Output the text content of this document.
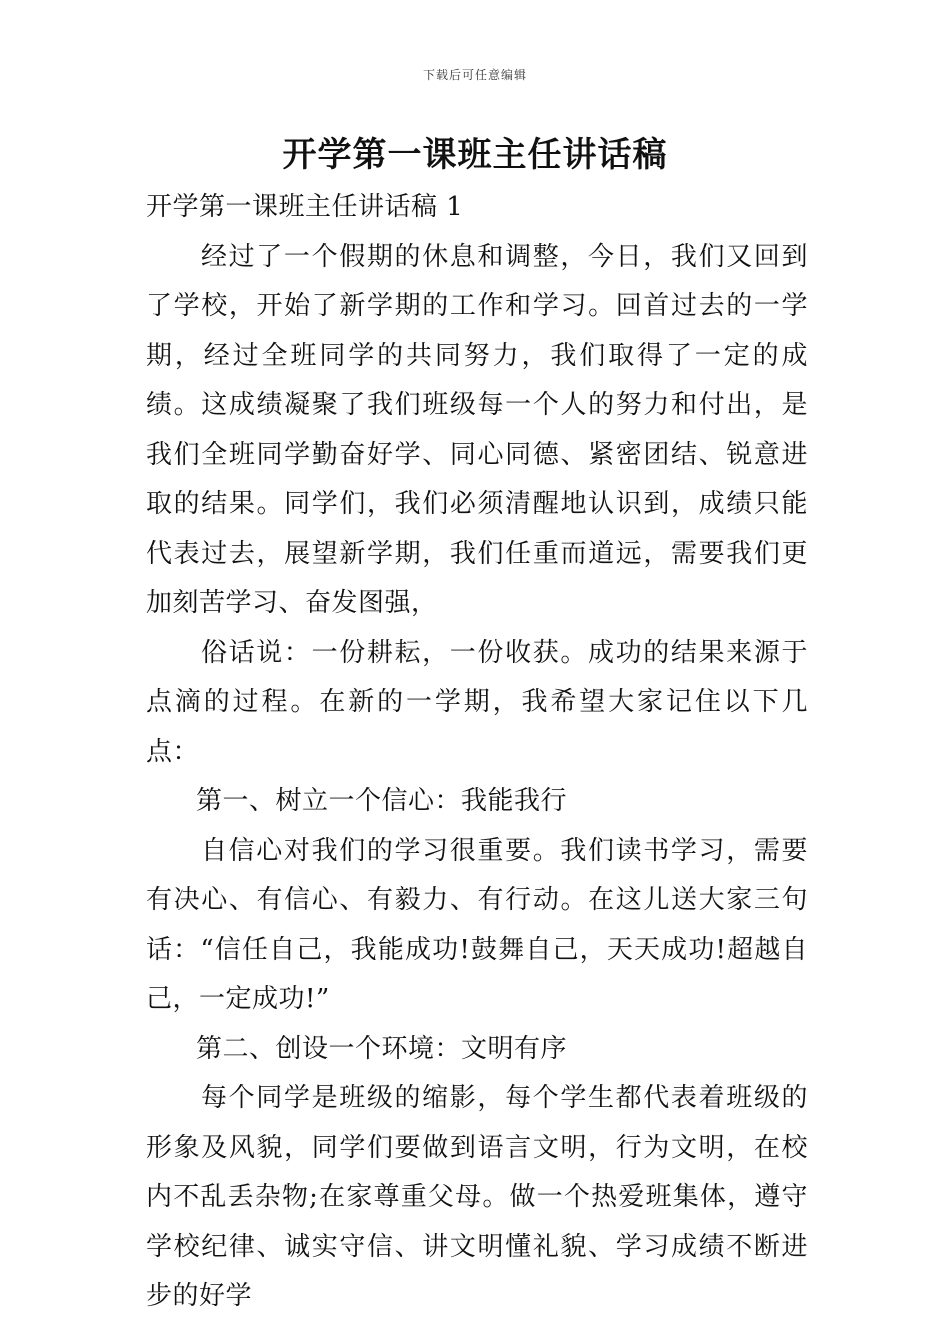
下载后可任意编辑
开学第一课班主任讲话稿

开学第一课班主任讲话稿 1

经过了一个假期的休息和调整，今日，我们又回到了学校，开始了新学期的工作和学习。回首过去的一学期，经过全班同学的共同努力，我们取得了一定的成绩。这成绩凝聚了我们班级每一个人的努力和付出，是我们全班同学勤奋好学、同心同德、紧密团结、锐意进取的结果。同学们，我们必须清醒地认识到，成绩只能代表过去，展望新学期，我们任重而道远，需要我们更加刻苦学习、奋发图强，

俗话说：一份耕耘，一份收获。成功的结果来源于点滴的过程。在新的一学期，我希望大家记住以下几点：

第一、树立一个信心：我能我行

自信心对我们的学习很重要。我们读书学习，需要有决心、有信心、有毅力、有行动。在这儿送大家三句话：“信任自己，我能成功!鼓舞自己，天天成功!超越自己，一定成功!”

第二、创设一个环境：文明有序

每个同学是班级的缩影，每个学生都代表着班级的形象及风貌，同学们要做到语言文明，行为文明，在校内不乱丢杂物;在家尊重父母。做一个热爱班集体，遵守学校纪律、诚实守信、讲文明懂礼貌、学习成绩不断进步的好学
